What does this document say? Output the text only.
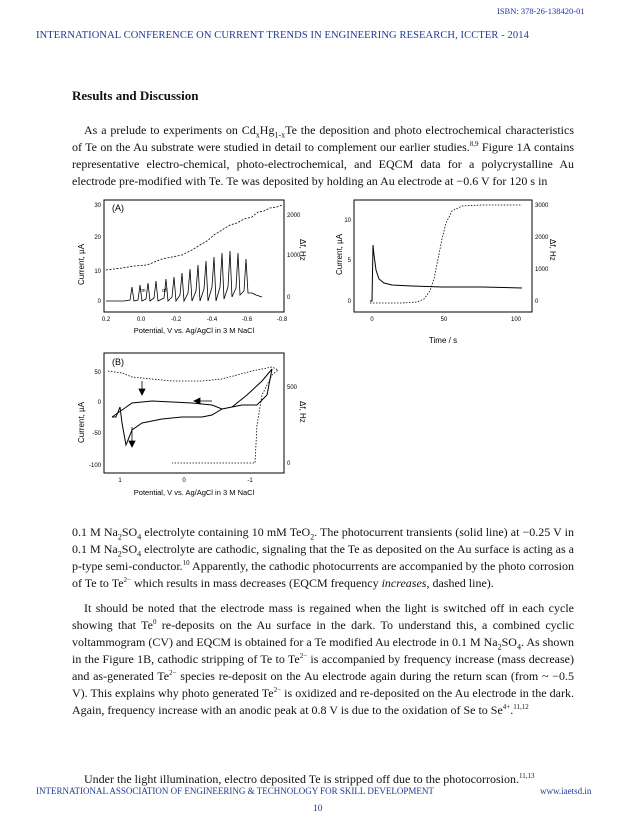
ISBN: 378-26-138420-01
INTERNATIONAL CONFERENCE ON CURRENT TRENDS IN ENGINEERING RESEARCH, ICCTER - 2014
Results and Discussion

As a prelude to experiments on $Cd_xHg_{1-x}Te$ the deposition and photo electrochemical characteristics of Te on the Au substrate were studied in detail to complement our earlier studies.$^{8,9}$ Figure 1A contains representative electro-chemical, photo-electrochemical, and EQCM data for a polycrystalline Au electrode pre-modified with Te. Te was deposited by holding an Au electrode at −0.6 V for 120 s in

(A)
Current, µA	Δf, Hz
30
20
10
0
2000
1000
0
0.2	0.0	-0.2	-0.4	-0.6	-0.8
Potential, V vs. Ag/AgCl in 3 M NaCl
on	off
Current, µA	Δf, Hz
10
5
0
3000
2000
1000
0
0	50	100
Time / s
(B)
Current, µA	Δf, Hz
50
0
-50
-100
500
0
1	0	-1
Potential, V vs. Ag/AgCl in 3 M NaCl

0.1 M $Na_2SO_4$ electrolyte containing 10 mM TeO$_2$. The photocurrent transients (solid line) at −0.25 V in 0.1 M $Na_2SO_4$ electrolyte are cathodic, signaling that the Te as deposited on the Au surface is acting as a p-type semi-conductor.$^{10}$ Apparently, the cathodic photocurrents are accompanied by the photo corrosion of Te to $Te^{2-}$ which results in mass decreases (EQCM frequency increases, dashed line).

It should be noted that the electrode mass is regained when the light is switched off in each cycle showing that Te$^0$ re-deposits on the Au surface in the dark. To understand this, a combined cyclic voltammogram (CV) and EQCM is obtained for a Te modified Au electrode in 0.1 M $Na_2SO_4$. As shown in the Figure 1B, cathodic stripping of Te to $Te^{2-}$ is accompanied by frequency increase (mass decrease) and as-generated $Te^{2-}$ species re-deposit on the Au electrode again during the return scan (from ~ −0.5 V). This explains why photo generated $Te^{2-}$ is oxidized and re-deposited on the Au electrode in the dark. Again, frequency increase with an anodic peak at 0.8 V is due to the oxidation of Se to $Se^{4+}.^{11,12}$

Under the light illumination, electro deposited Te is stripped off due to the photocorrosion.$^{11,13}$

INTERNATIONAL ASSOCIATION OF ENGINEERING & TECHNOLOGY FOR SKILL DEVELOPMENT	www.iaetsd.in
10
